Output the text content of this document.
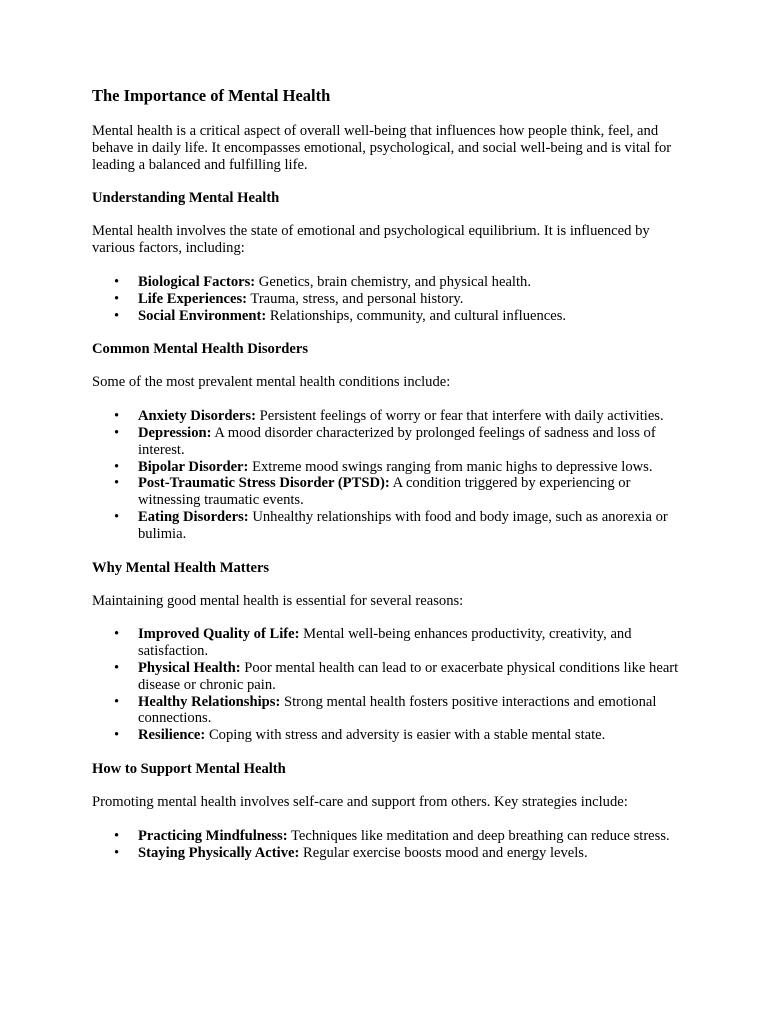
The Importance of Mental Health

Mental health is a critical aspect of overall well-being that influences how people think, feel, and behave in daily life. It encompasses emotional, psychological, and social well-being and is vital for leading a balanced and fulfilling life.

Understanding Mental Health

Mental health involves the state of emotional and psychological equilibrium. It is influenced by various factors, including:

• Biological Factors: Genetics, brain chemistry, and physical health.
• Life Experiences: Trauma, stress, and personal history.
• Social Environment: Relationships, community, and cultural influences.
Common Mental Health Disorders

Some of the most prevalent mental health conditions include:

• Anxiety Disorders: Persistent feelings of worry or fear that interfere with daily activities.
• Depression: A mood disorder characterized by prolonged feelings of sadness and loss of interest.
• Bipolar Disorder: Extreme mood swings ranging from manic highs to depressive lows.
• Post-Traumatic Stress Disorder (PTSD): A condition triggered by experiencing or witnessing traumatic events.
• Eating Disorders: Unhealthy relationships with food and body image, such as anorexia or bulimia.
Why Mental Health Matters

Maintaining good mental health is essential for several reasons:

• Improved Quality of Life: Mental well-being enhances productivity, creativity, and satisfaction.
• Physical Health: Poor mental health can lead to or exacerbate physical conditions like heart disease or chronic pain.
• Healthy Relationships: Strong mental health fosters positive interactions and emotional connections.
• Resilience: Coping with stress and adversity is easier with a stable mental state.
How to Support Mental Health

Promoting mental health involves self-care and support from others. Key strategies include:

• Practicing Mindfulness: Techniques like meditation and deep breathing can reduce stress.
• Staying Physically Active: Regular exercise boosts mood and energy levels.
